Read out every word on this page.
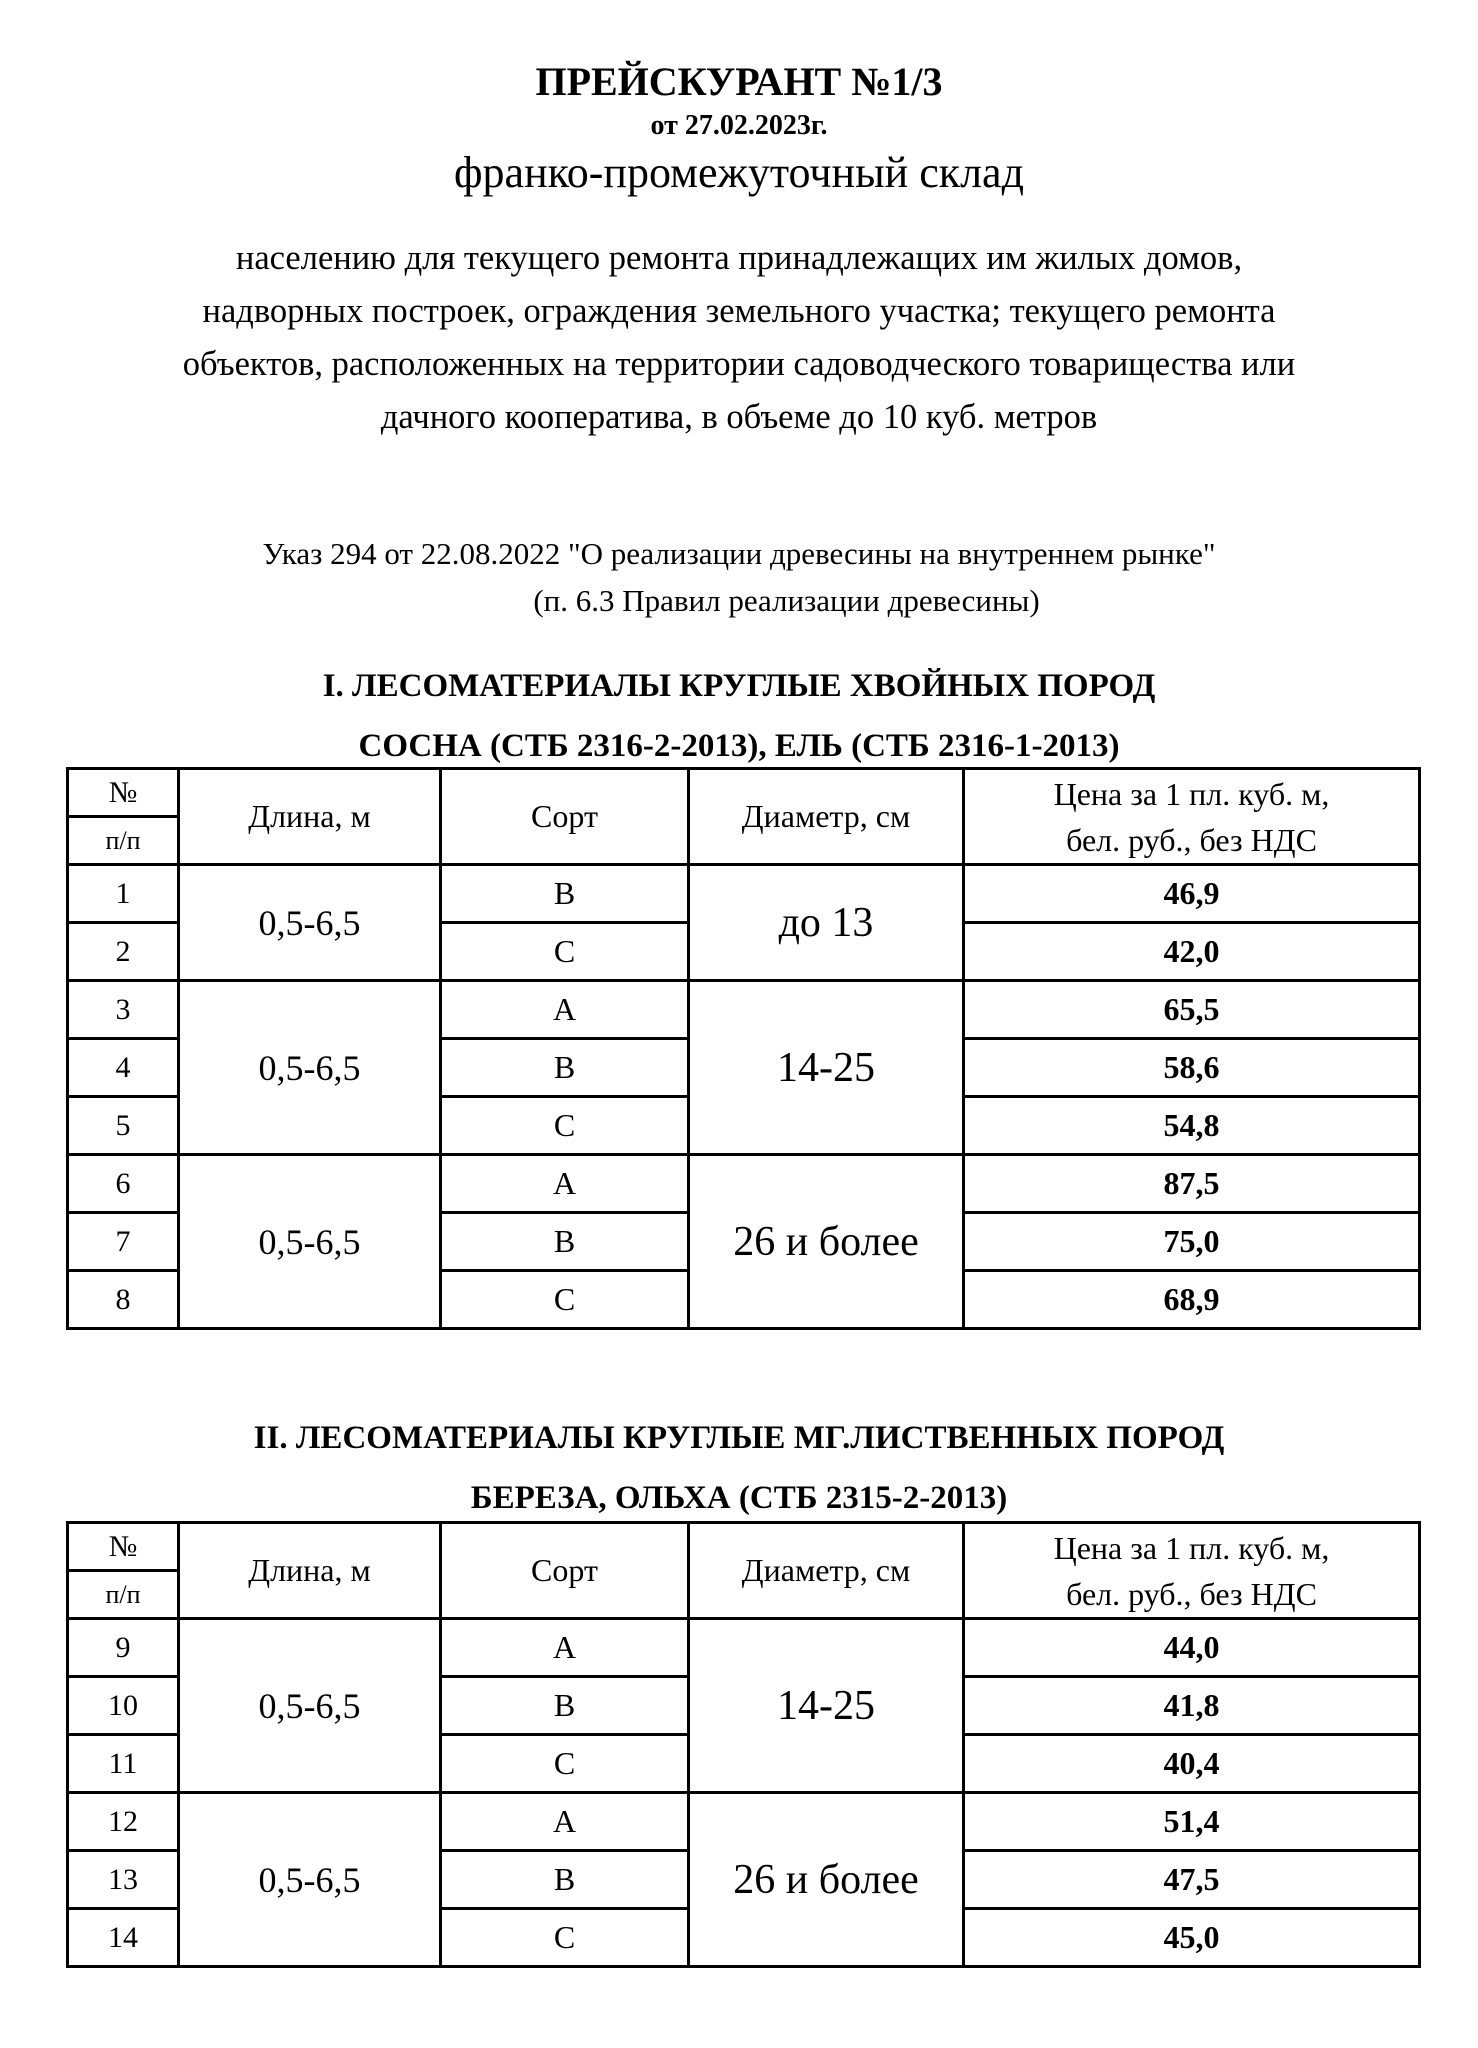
ПРЕЙСКУРАНТ №1/3
от 27.02.2023г.
франко-промежуточный склад
населению для текущего ремонта принадлежащих им жилых домов,
надворных построек, ограждения земельного участка; текущего ремонта
объектов, расположенных на территории садоводческого товарищества или
дачного кооператива, в объеме до 10 куб. метров
Указ 294 от 22.08.2022 "О реализации древесины на внутреннем рынке"
(п. 6.3 Правил реализации древесины)
I. ЛЕСОМАТЕРИАЛЫ КРУГЛЫЕ ХВОЙНЫХ ПОРОД
СОСНА (СТБ 2316-2-2013), ЕЛЬ (СТБ 2316-1-2013)
№	Длина, м	Сорт	Диаметр, см	Цена за 1 пл. куб. м,
бел. руб., без НДС

п/п				
1	0,5-6,5	В	до 13	46,9
2		С		42,0
3	0,5-6,5	А	14-25	65,5
4		В		58,6
5		С		54,8
6	0,5-6,5	А	26 и более	87,5
7		В		75,0
8		С		68,9
II. ЛЕСОМАТЕРИАЛЫ КРУГЛЫЕ МГ.ЛИСТВЕННЫХ ПОРОД
БЕРЕЗА, ОЛЬХА (СТБ 2315-2-2013)
№	Длина, м	Сорт	Диаметр, см	Цена за 1 пл. куб. м,
бел. руб., без НДС

п/п				
9	0,5-6,5	А	14-25	44,0
10		В		41,8
11		С		40,4
12	0,5-6,5	А	26 и более	51,4
13		В		47,5
14		С		45,0
